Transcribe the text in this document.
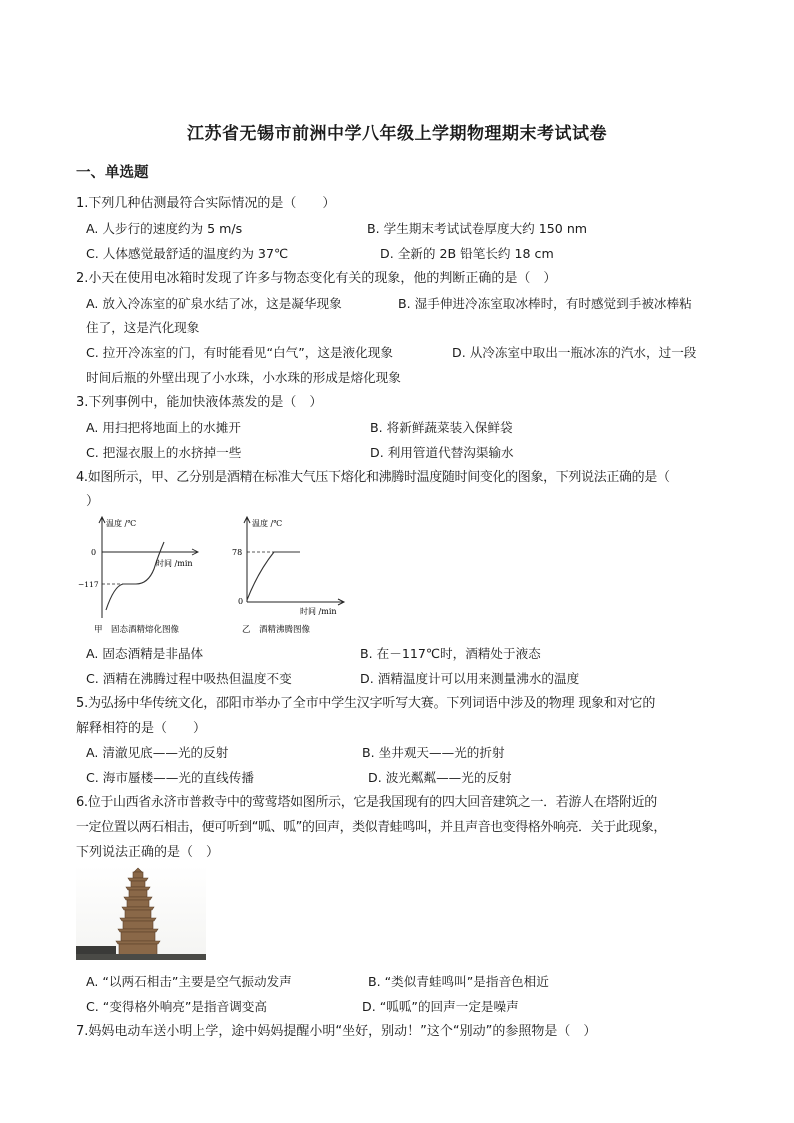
江苏省无锡市前洲中学八年级上学期物理期末考试试卷
一、单选题
1.下列几种估测最符合实际情况的是（　　）
A. 人步行的速度约为 5 m/s	B. 学生期末考试试卷厚度大约 150 nm
C. 人体感觉最舒适的温度约为 37℃	D. 全新的 2B 铅笔长约 18 cm
2.小天在使用电冰箱时发现了许多与物态变化有关的现象，他的判断正确的是（　）
A. 放入冷冻室的矿泉水结了冰，这是凝华现象	B. 湿手伸进冷冻室取冰棒时，有时感觉到手被冰棒粘
住了，这是汽化现象
C. 拉开冷冻室的门，有时能看见“白气”，这是液化现象	D. 从冷冻室中取出一瓶冰冻的汽水，过一段
时间后瓶的外壁出现了小水珠，小水珠的形成是熔化现象
3.下列事例中，能加快液体蒸发的是（　）
A. 用扫把将地面上的水摊开	B. 将新鲜蔬菜装入保鲜袋
C. 把湿衣服上的水挤掉一些	D. 利用管道代替沟渠输水
4.如图所示，甲、乙分别是酒精在标准大气压下熔化和沸腾时温度随时间变化的图象，下列说法正确的是（
）
温度 /℃
0
−117
时间 /min
甲　固态酒精熔化图像
温度 /℃
78
0
时间 /min
乙　酒精沸腾图像
A. 固态酒精是非晶体	B. 在－117℃时，酒精处于液态
C. 酒精在沸腾过程中吸热但温度不变	D. 酒精温度计可以用来测量沸水的温度
5.为弘扬中华传统文化，邵阳市举办了全市中学生汉字听写大赛。下列词语中涉及的物理 现象和对它的
解释相符的是（　　）
A. 清澈见底——光的反射	B. 坐井观天——光的折射
C. 海市蜃楼——光的直线传播	D. 波光粼粼——光的反射
6.位于山西省永济市普救寺中的莺莺塔如图所示，它是我国现有的四大回音建筑之一．若游人在塔附近的
一定位置以两石相击，便可听到“呱、呱”的回声，类似青蛙鸣叫，并且声音也变得格外响亮．关于此现象，
下列说法正确的是（　）
A. “以两石相击”主要是空气振动发声	B. “类似青蛙鸣叫”是指音色相近
C. “变得格外响亮”是指音调变高	D. “呱呱”的回声一定是噪声
7.妈妈电动车送小明上学，途中妈妈提醒小明“坐好，别动！”这个“别动”的参照物是（　）
